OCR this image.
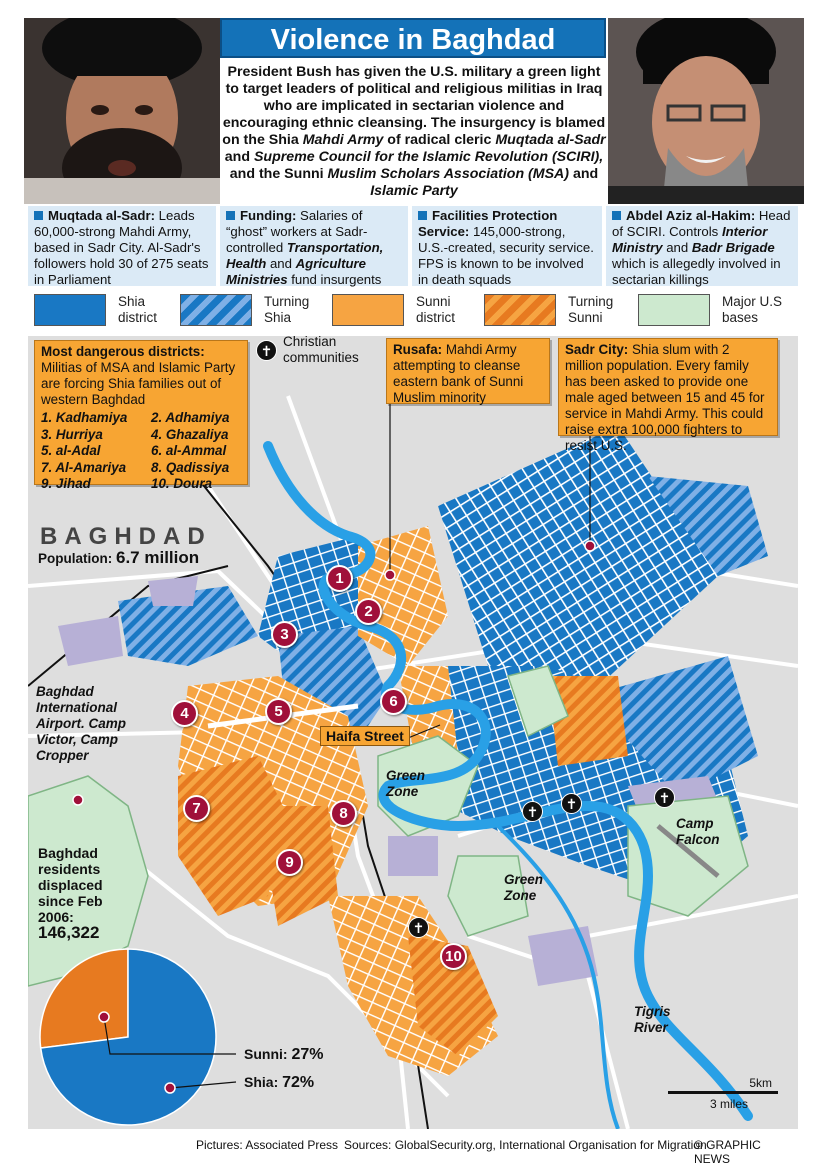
Violence in Baghdad
President Bush has given the U.S. military a green light to target leaders of political and religious militias in Iraq who are implicated in sectarian violence and encouraging ethnic cleansing. The insurgency is blamed on the Shia Mahdi Army of radical cleric Muqtada al-Sadr and Supreme Council for the Islamic Revolution (SCIRI), and the Sunni Muslim Scholars Association (MSA) and Islamic Party
Muqtada al-Sadr: Leads 60,000-strong Mahdi Army, based in Sadr City. Al-Sadr's followers hold 30 of 275 seats in Parliament
Funding: Salaries of “ghost” workers at Sadr-controlled Transportation, Health and Agriculture Ministries fund insurgents
Facilities Protection Service: 145,000-strong, U.S.-created, security service. FPS is known to be involved in death squads
Abdel Aziz al-Hakim: Head of SCIRI. Controls Interior Ministry and Badr Brigade which is allegedly involved in sectarian killings
Shia district
Turning Shia
Sunni district
Turning Sunni
Major U.S bases
Baghdad International Airport. Camp Victor, Camp Cropper
Green Zone
Green Zone
Camp Falcon
Tigris River
Most dangerous districts:
Militias of MSA and Islamic Party are forcing Shia families out of western Baghdad
1. Kadhamiya	2. Adhamiya
3. Hurriya	4. Ghazaliya
5. al-Adal	6. al-Ammal
7. Al-Amariya	8. Qadissiya
9. Jihad	10. Doura
✝
Christian communities
Rusafa: Mahdi Army attempting to cleanse eastern bank of Sunni Muslim minority
Sadr City: Shia slum with 2 million population. Every family has been asked to provide one male aged between 15 and 45 for service in Mahdi Army. This could raise extra 100,000 fighters to resist U.S.
BAGHDAD
Population: 6.7 million
1
2
3
4	5
6
7	8
9
10
Haifa Street
✝	✝	✝
✝
Baghdad residents displaced since Feb 2006:
146,322
Sunni: 27%
Shia: 72%	5km
3 miles
Pictures: Associated Press Sources: GlobalSecurity.org, International Organisation for Migration
© GRAPHIC NEWS
